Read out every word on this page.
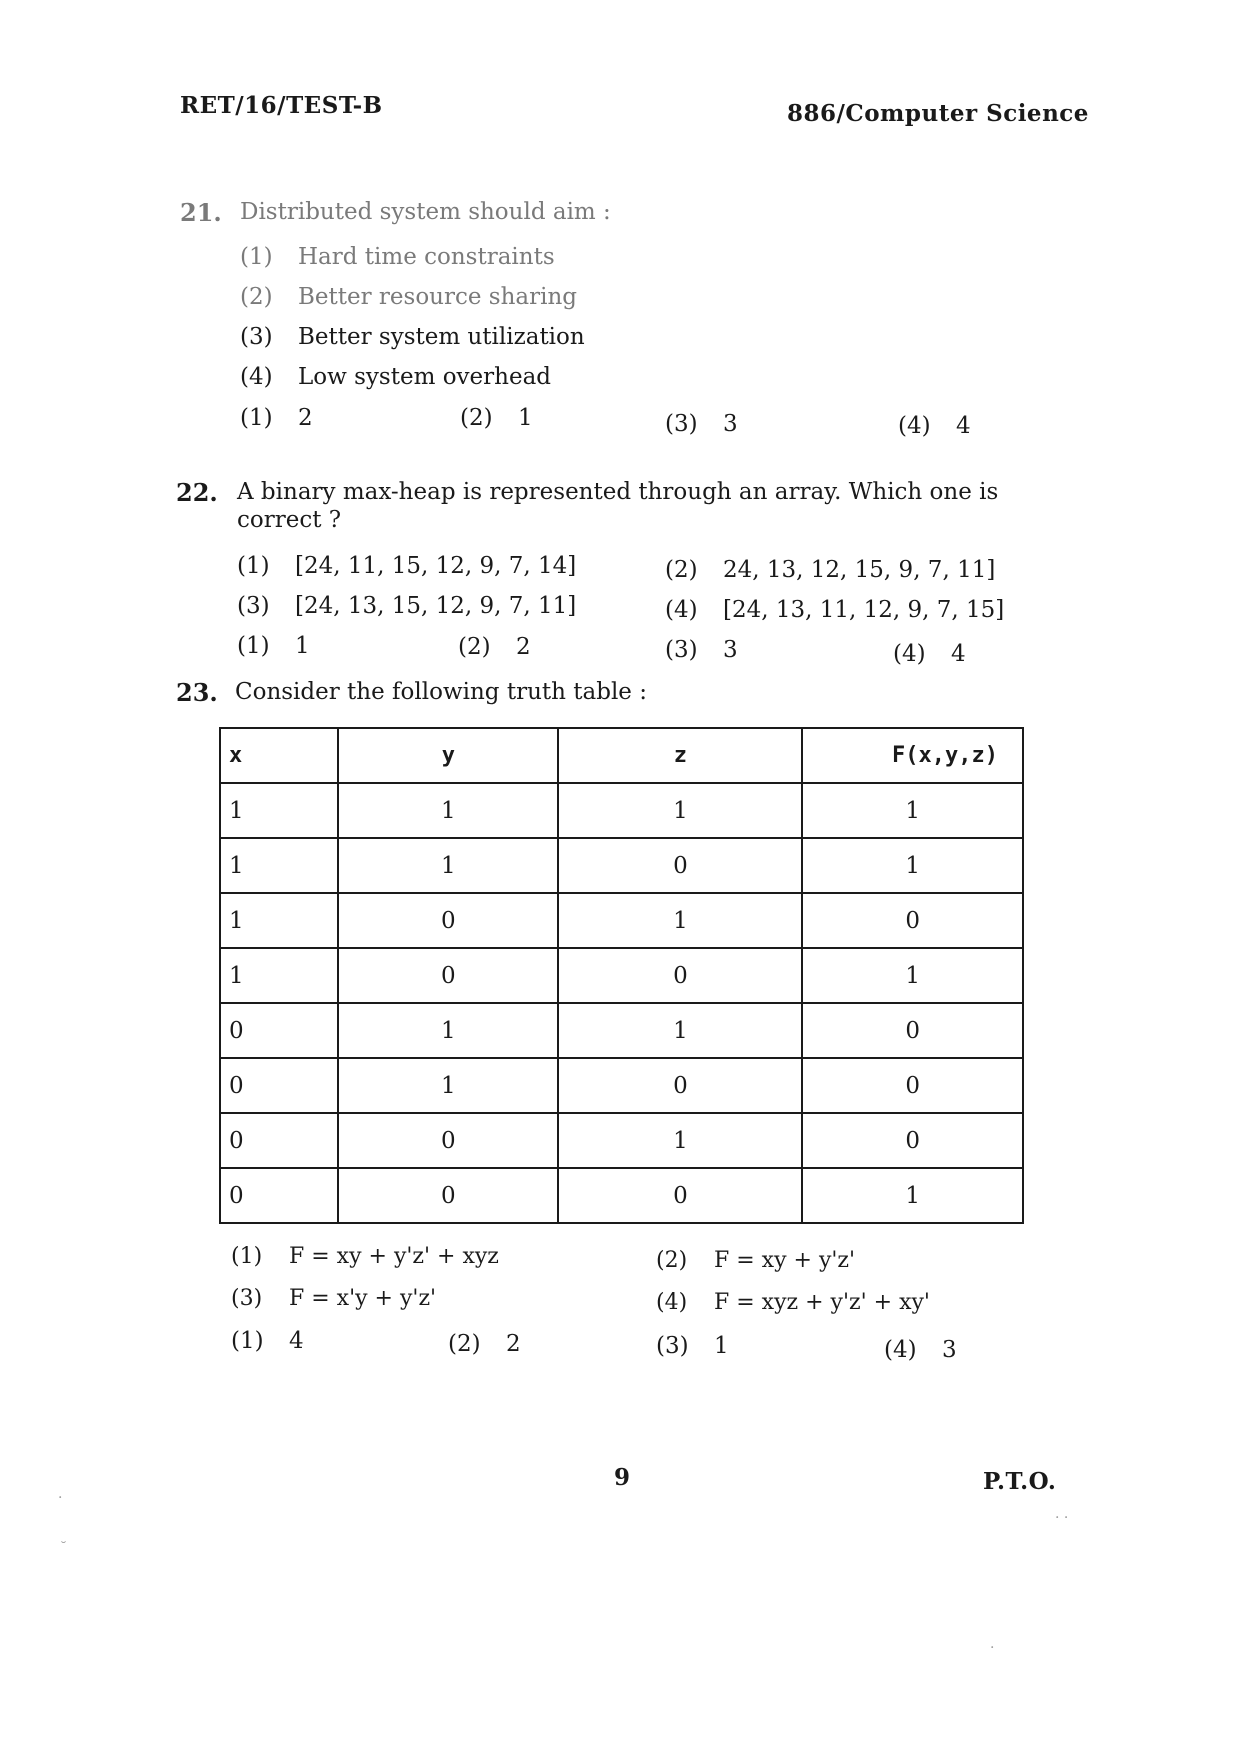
RET/16/TEST-B	886/Computer Science
21. Distributed system should aim :
(1) Hard time constraints
(2) Better resource sharing
(3) Better system utilization
(4) Low system overhead
(1) 2	(2) 1	(3) 3	(4) 4
22. A binary max-heap is represented through an array. Which one is
correct ?
(1) [24, 11, 15, 12, 9, 7, 14]	(2) 24, 13, 12, 15, 9, 7, 11]
(3) [24, 13, 15, 12, 9, 7, 11]	(4) [24, 13, 11, 12, 9, 7, 15]
(1) 1	(2) 2	(3) 3	(4) 4
23. Consider the following truth table :
x	y	z	F(x,y,z)
1	1	1	1
1	1	0	1
1	0	1	0
1	0	0	1
0	1	1	0
0	1	0	0
0	0	1	0
0	0	0	1
(1) F = xy + y'z' + xyz	(2) F = xy + y'z'
(3) F = x'y + y'z'	(4) F = xyz + y'z' + xy'
(1) 4	(2) 2	(3) 1	(4) 3
9	P.T.O.
·
˘
· ·
·
